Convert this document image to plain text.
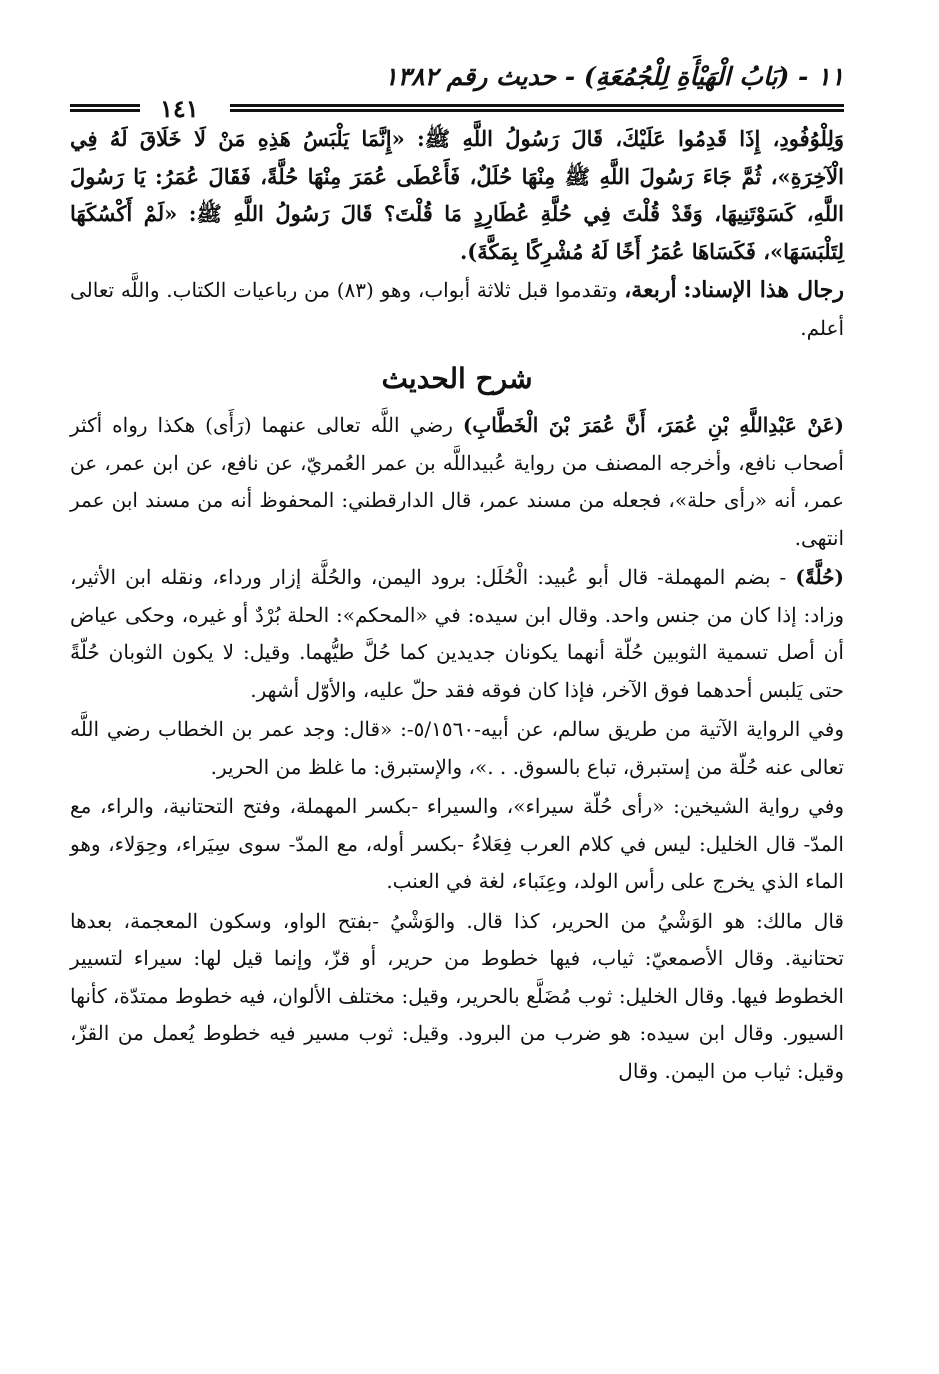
١١ - (بَابُ الْهَيْأَةِ لِلْجُمُعَةِ) - حديث رقم ١٣٨٢
١٤١

وَلِلْوُفُودِ، إِذَا قَدِمُوا عَلَيْكَ، قَالَ رَسُولُ اللَّهِ ﷺ: «إِنَّمَا يَلْبَسُ هَذِهِ مَنْ لَا خَلَاقَ لَهُ فِي الْآخِرَةِ»، ثُمَّ جَاءَ رَسُولَ اللَّهِ ﷺ مِنْهَا حُلَلٌ، فَأَعْطَى عُمَرَ مِنْهَا حُلَّةً، فَقَالَ عُمَرُ: يَا رَسُولَ اللَّهِ، كَسَوْتَنِيهَا، وَقَدْ قُلْتَ فِي حُلَّةِ عُطَارِدٍ مَا قُلْتَ؟ قَالَ رَسُولُ اللَّهِ ﷺ: «لَمْ أَكْسُكَهَا لِتَلْبَسَهَا»، فَكَسَاهَا عُمَرُ أَخًا لَهُ مُشْرِكًا بِمَكَّةَ).

رجال هذا الإسناد: أربعة، وتقدموا قبل ثلاثة أبواب، وهو (٨٣) من رباعيات الكتاب. واللَّه تعالى أعلم.

شرح الحديث

(عَنْ عَبْدِاللَّهِ بْنِ عُمَرَ، أَنَّ عُمَرَ بْنَ الْخَطَّابِ) رضي اللَّه تعالى عنهما (رَأَى) هكذا رواه أكثر أصحاب نافع، وأخرجه المصنف من رواية عُبيداللَّه بن عمر العُمريّ، عن نافع، عن ابن عمر، عن عمر، أنه «رأى حلة»، فجعله من مسند عمر، قال الدارقطني: المحفوظ أنه من مسند ابن عمر انتهى.

(حُلَّةً) - بضم المهملة- قال أبو عُبيد: الْحُلَل: برود اليمن، والحُلَّة إزار ورداء، ونقله ابن الأثير، وزاد: إذا كان من جنس واحد. وقال ابن سيده: في «المحكم»: الحلة بُرْدٌ أو غيره، وحكى عياض أن أصل تسمية الثوبين حُلّة أنهما يكونان جديدين كما حُلَّ طيُّهما. وقيل: لا يكون الثوبان حُلّةً حتى يَلبس أحدهما فوق الآخر، فإذا كان فوقه فقد حلّ عليه، والأوّل أشهر.

وفي الرواية الآتية من طريق سالم، عن أبيه-٥/١٥٦٠-: «قال: وجد عمر بن الخطاب رضي اللَّه تعالى عنه حُلّة من إستبرق، تباع بالسوق. . .»، والإستبرق: ما غلظ من الحرير.

وفي رواية الشيخين: «رأى حُلّة سيراء»، والسيراء -بكسر المهملة، وفتح التحتانية، والراء، مع المدّ- قال الخليل: ليس في كلام العرب فِعَلاءُ -بكسر أوله، مع المدّ- سوى سِيَراء، وحِوَلاء، وهو الماء الذي يخرج على رأس الولد، وعِنَباء، لغة في العنب.

قال مالك: هو الوَشْيُ من الحرير، كذا قال. والوَشْيُ -بفتح الواو، وسكون المعجمة، بعدها تحتانية. وقال الأصمعيّ: ثياب، فيها خطوط من حرير، أو قزّ، وإنما قيل لها: سيراء لتسيير الخطوط فيها. وقال الخليل: ثوب مُضَلَّع بالحرير، وقيل: مختلف الألوان، فيه خطوط ممتدّة، كأنها السيور. وقال ابن سيده: هو ضرب من البرود. وقيل: ثوب مسير فيه خطوط يُعمل من القزّ، وقيل: ثياب من اليمن. وقال
